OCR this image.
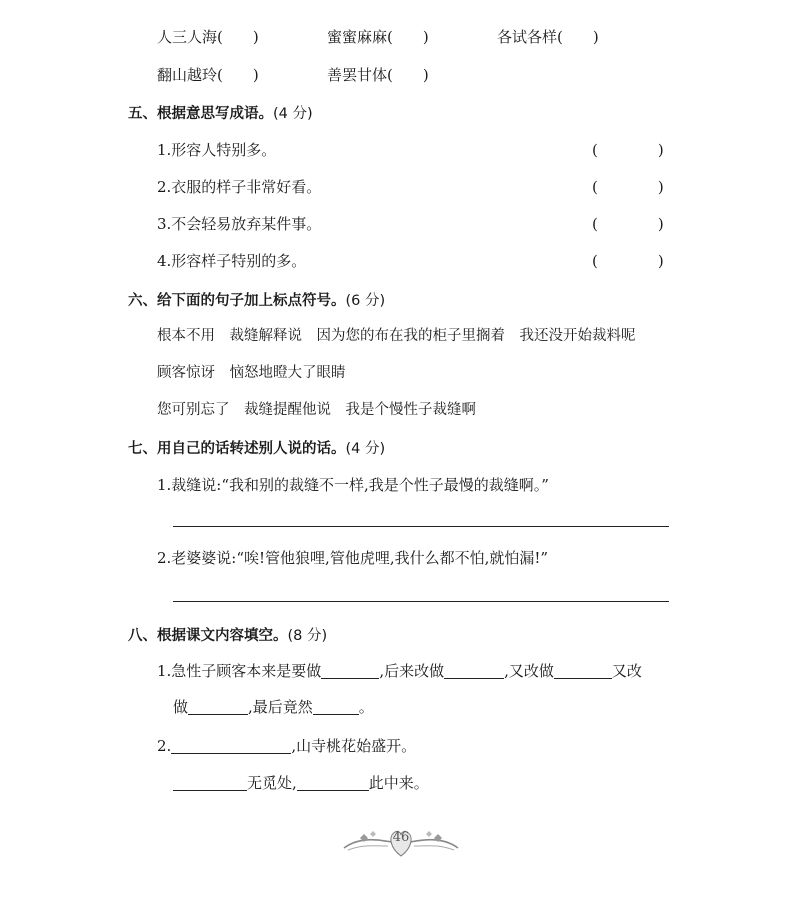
人三人海(　　)	蜜蜜麻麻(　　)	各试各样(　　)
翻山越玲(　　)	善罢甘体(　　)
五、根据意思写成语。(4 分)
1.形容人特别多。	(　　　　)
2.衣服的样子非常好看。	(　　　　)
3.不会轻易放弃某件事。	(　　　　)
4.形容样子特别的多。	(　　　　)
六、给下面的句子加上标点符号。(6 分)
根本不用　裁缝解释说　因为您的布在我的柜子里搁着　我还没开始裁料呢
顾客惊讶　恼怒地瞪大了眼睛
您可别忘了　裁缝提醒他说　我是个慢性子裁缝啊
七、用自己的话转述别人说的话。(4 分)
1.裁缝说:“我和别的裁缝不一样,我是个性子最慢的裁缝啊。”
2.老婆婆说:“唉!管他狼哩,管他虎哩,我什么都不怕,就怕漏!”
八、根据课文内容填空。(8 分)
1.急性子顾客本来是要做	,后来改做	,又改做	又改
做	,最后竟然	。
2.	,山寺桃花始盛开。
无觅处,	此中来。
46
